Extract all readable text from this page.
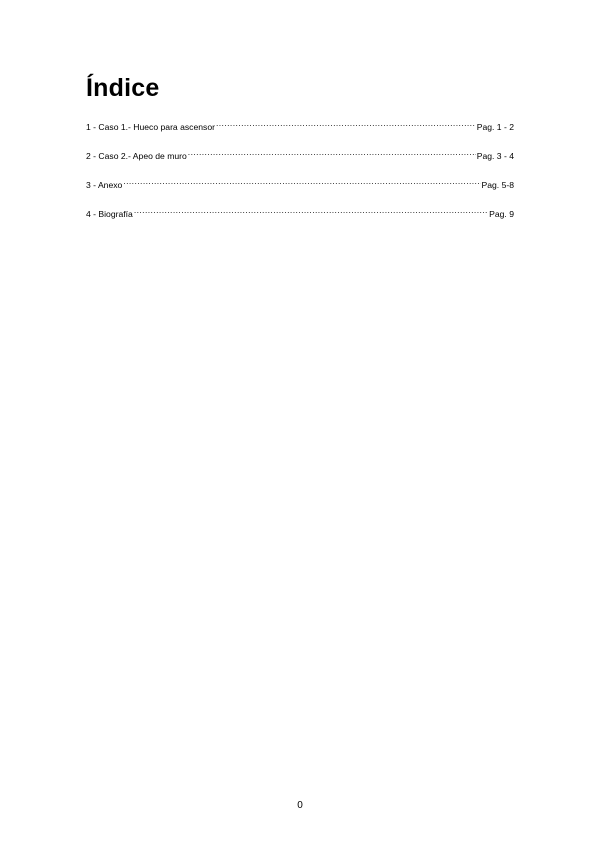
Índice
1 - Caso 1.- Hueco para ascensor .....	Pag. 1 - 2
2 - Caso 2.- Apeo de muro .....	Pag. 3 - 4
3 - Anexo .....	Pag. 5-8
4 - Biografía .....	Pag. 9
0
